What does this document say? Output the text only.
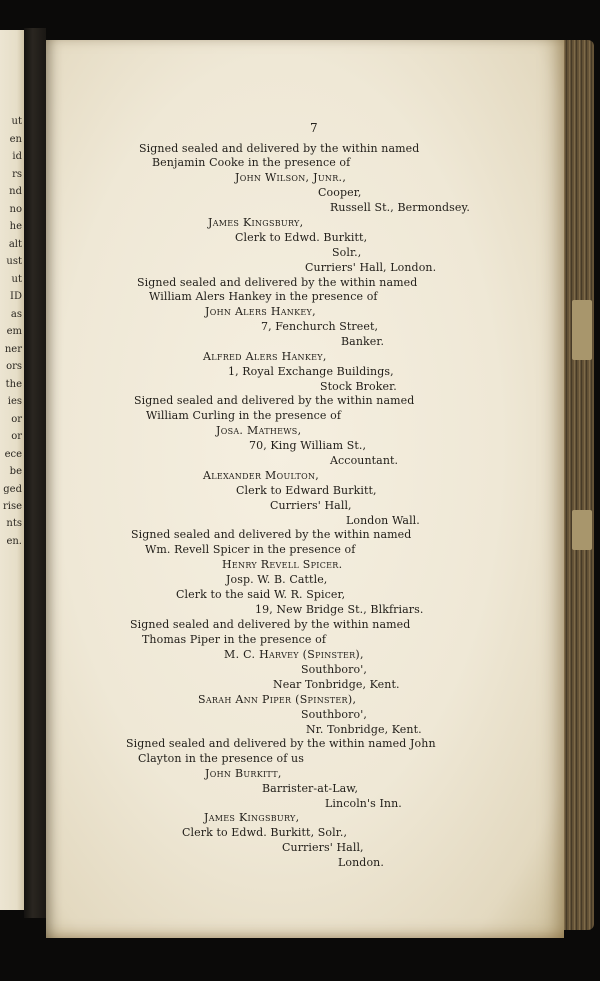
ut
en
id
rs
nd
no
he
alt
ust
ut
ID
as
em
ner
ors
the
ies
or
or
ece
be
ged
rise
nts
en.
7
Signed sealed and delivered by the within named
Benjamin Cooke in the presence of
John Wilson, Junr.,
Cooper,
Russell St., Bermondsey.
James Kingsbury,
Clerk to Edwd. Burkitt,
Solr.,
Curriers' Hall, London.
Signed sealed and delivered by the within named
William Alers Hankey in the presence of
John Alers Hankey,
7, Fenchurch Street,
Banker.
Alfred Alers Hankey,
1, Royal Exchange Buildings,
Stock Broker.
Signed sealed and delivered by the within named
William Curling in the presence of
Josa. Mathews,
70, King William St.,
Accountant.
Alexander Moulton,
Clerk to Edward Burkitt,
Curriers' Hall,
London Wall.
Signed sealed and delivered by the within named
Wm. Revell Spicer in the presence of
Henry Revell Spicer.
Josp. W. B. Cattle,
Clerk to the said W. R. Spicer,
19, New Bridge St., Blkfriars.
Signed sealed and delivered by the within named
Thomas Piper in the presence of
M. C. Harvey (Spinster),
Southboro',
Near Tonbridge, Kent.
Sarah Ann Piper (Spinster),
Southboro',
Nr. Tonbridge, Kent.
Signed sealed and delivered by the within named John
Clayton in the presence of us
John Burkitt,
Barrister-at-Law,
Lincoln's Inn.
James Kingsbury,
Clerk to Edwd. Burkitt, Solr.,
Curriers' Hall,
London.
